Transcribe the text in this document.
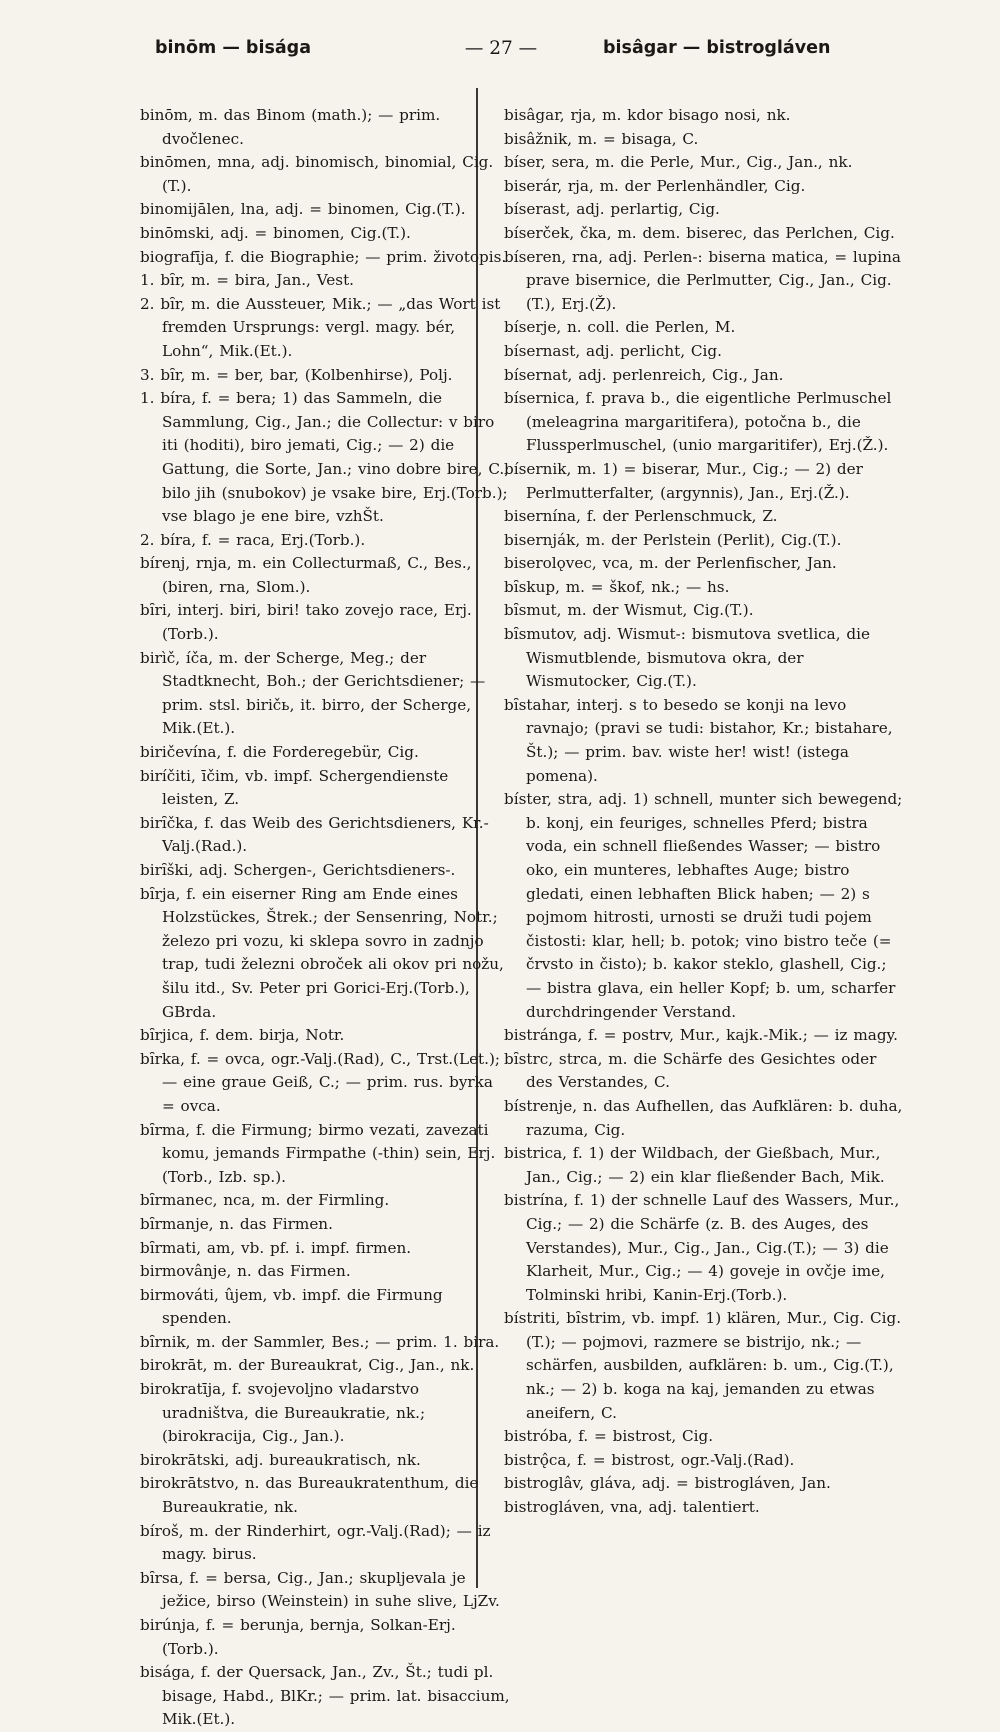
binōm — bisága	— 27 —	bisâgar — bistrogláven
binōm, m. das Binom (math.); — prim. dvočlenec.
binōmen, mna, adj. binomisch, binomial, Cig.(T.).
binomijālen, lna, adj. = binomen, Cig.(T.).
binōmski, adj. = binomen, Cig.(T.).
biografīja, f. die Biographie; — prim. životopis.
1. bȋr, m. = bira, Jan., Vest.
2. bȋr, m. die Aussteuer, Mik.; — „das Wort ist fremden Ursprungs: vergl. magy. bér, Lohn“, Mik.(Et.).
3. bȋr, m. = ber, bar, (Kolbenhirse), Polj.
1. bíra, f. = bera; 1) das Sammeln, die Sammlung, Cig., Jan.; die Collectur: v biro iti (hoditi), biro jemati, Cig.; — 2) die Gattung, die Sorte, Jan.; vino dobre bire, C.; bilo jih (snubokov) je vsake bire, Erj.(Torb.); vse blago je ene bire, vzhŠt.
2. bíra, f. = raca, Erj.(Torb.).
bírenj, rnja, m. ein Collecturmaß, C., Bes., (biren, rna, Slom.).
bȋri, interj. biri, biri! tako zovejo race, Erj.(Torb.).
birìč, íča, m. der Scherge, Meg.; der Stadtknecht, Boh.; der Gerichtsdiener; — prim. stsl. biričь, it. birro, der Scherge, Mik.(Et.).
biričevína, f. die Forderegebür, Cig.
biríčiti, īčim, vb. impf. Schergendienste leisten, Z.
birȋčka, f. das Weib des Gerichtsdieners, Kr.-Valj.(Rad.).
birȋški, adj. Schergen-, Gerichtsdieners-.
bȋrja, f. ein eiserner Ring am Ende eines Holzstückes, Štrek.; der Sensenring, Notr.; železo pri vozu, ki sklepa sovro in zadnjo trap, tudi železni obroček ali okov pri nožu, šilu itd., Sv. Peter pri Gorici-Erj.(Torb.), GBrda.
bȋrjica, f. dem. birja, Notr.
bȋrka, f. = ovca, ogr.-Valj.(Rad), C., Trst.(Let.); — eine graue Geiß, C.; — prim. rus. byrka = ovca.
bȋrma, f. die Firmung; birmo vezati, zavezati komu, jemands Firmpathe (-thin) sein, Erj.(Torb., Izb. sp.).
bȋrmanec, nca, m. der Firmling.
bȋrmanje, n. das Firmen.
bȋrmati, am, vb. pf. i. impf. firmen.
birmovânje, n. das Firmen.
birmováti, ûjem, vb. impf. die Firmung spenden.
bȋrnik, m. der Sammler, Bes.; — prim. 1. bira.
birokrāt, m. der Bureaukrat, Cig., Jan., nk.
birokratīja, f. svojevoljno vladarstvo uradništva, die Bureaukratie, nk.; (birokracija, Cig., Jan.).
birokrātski, adj. bureaukratisch, nk.
birokrātstvo, n. das Bureaukratenthum, die Bureaukratie, nk.
bíroš, m. der Rinderhirt, ogr.-Valj.(Rad); — iz magy. birus.
bȋrsa, f. = bersa, Cig., Jan.; skupljevala je ježice, birso (Weinstein) in suhe slive, LjZv.
birúnja, f. = berunja, bernja, Solkan-Erj.(Torb.).
biságа, f. der Quersack, Jan., Zv., Št.; tudi pl. bisage, Habd., BlKr.; — prim. lat. bisaccium, Mik.(Et.).
bisâgar, rja, m. kdor bisago nosi, nk.
bisâžnik, m. = bisaga, C.
bíser, sera, m. die Perle, Mur., Cig., Jan., nk.
biserár, rja, m. der Perlenhändler, Cig.
bíserast, adj. perlartig, Cig.
bíserček, čka, m. dem. biserec, das Perlchen, Cig.
bíseren, rna, adj. Perlen-: biserna matica, = lupina prave bisernice, die Perlmutter, Cig., Jan., Cig.(T.), Erj.(Ž).
bíserje, n. coll. die Perlen, M.
bísernast, adj. perlicht, Cig.
bísernat, adj. perlenreich, Cig., Jan.
bísernica, f. prava b., die eigentliche Perlmuschel (meleagrina margaritifera), potočna b., die Flussperlmuschel, (unio margaritifer), Erj.(Ž.).
bísernik, m. 1) = biserar, Mur., Cig.; — 2) der Perlmutterfalter, (argynnis), Jan., Erj.(Ž.).
bisernína, f. der Perlenschmuck, Z.
bisernják, m. der Perlstein (Perlit), Cig.(T.).
biserolǫvec, vca, m. der Perlenfischer, Jan.
bȋskup, m. = škof, nk.; — hs.
bȋsmut, m. der Wismut, Cig.(T.).
bȋsmutov, adj. Wismut-: bismutova svetlica, die Wismutblende, bismutova okra, der Wismutocker, Cig.(T.).
bȋstahar, interj. s to besedo se konji na levo ravnajo; (pravi se tudi: bistahor, Kr.; bistahare, Št.); — prim. bav. wiste her! wist! (istega pomena).
bíster, stra, adj. 1) schnell, munter sich bewegend; b. konj, ein feuriges, schnelles Pferd; bistra voda, ein schnell fließendes Wasser; — bistro oko, ein munteres, lebhaftes Auge; bistro gledati, einen lebhaften Blick haben; — 2) s pojmom hitrosti, urnosti se druži tudi pojem čistosti: klar, hell; b. potok; vino bistro teče (= črvsto in čisto); b. kakor steklo, glashell, Cig.; — bistra glava, ein heller Kopf; b. um, scharfer durchdringender Verstand.
bistránga, f. = postrv, Mur., kajk.-Mik.; — iz magy.
bȋstrc, strca, m. die Schärfe des Gesichtes oder des Verstandes, C.
bístrenje, n. das Aufhellen, das Aufklären: b. duha, razuma, Cig.
bistrica, f. 1) der Wildbach, der Gießbach, Mur., Jan., Cig.; — 2) ein klar fließender Bach, Mik.
bistrína, f. 1) der schnelle Lauf des Wassers, Mur., Cig.; — 2) die Schärfe (z. B. des Auges, des Verstandes), Mur., Cig., Jan., Cig.(T.); — 3) die Klarheit, Mur., Cig.; — 4) goveje in ovčje ime, Tolminski hribi, Kanin-Erj.(Torb.).
bístriti, bȋstrim, vb. impf. 1) klären, Mur., Cig. Cig.(T.); — pojmovi, razmere se bistrijo, nk.; — schärfen, ausbilden, aufklären: b. um., Cig.(T.), nk.; — 2) b. koga na kaj, jemanden zu etwas aneifern, C.
bistróba, f. = bistrost, Cig.
bistrǫ̂ca, f. = bistrost, ogr.-Valj.(Rad).
bistroglâv, gláva, adj. = bistrogláven, Jan.
bistrogláven, vna, adj. talentiert.
